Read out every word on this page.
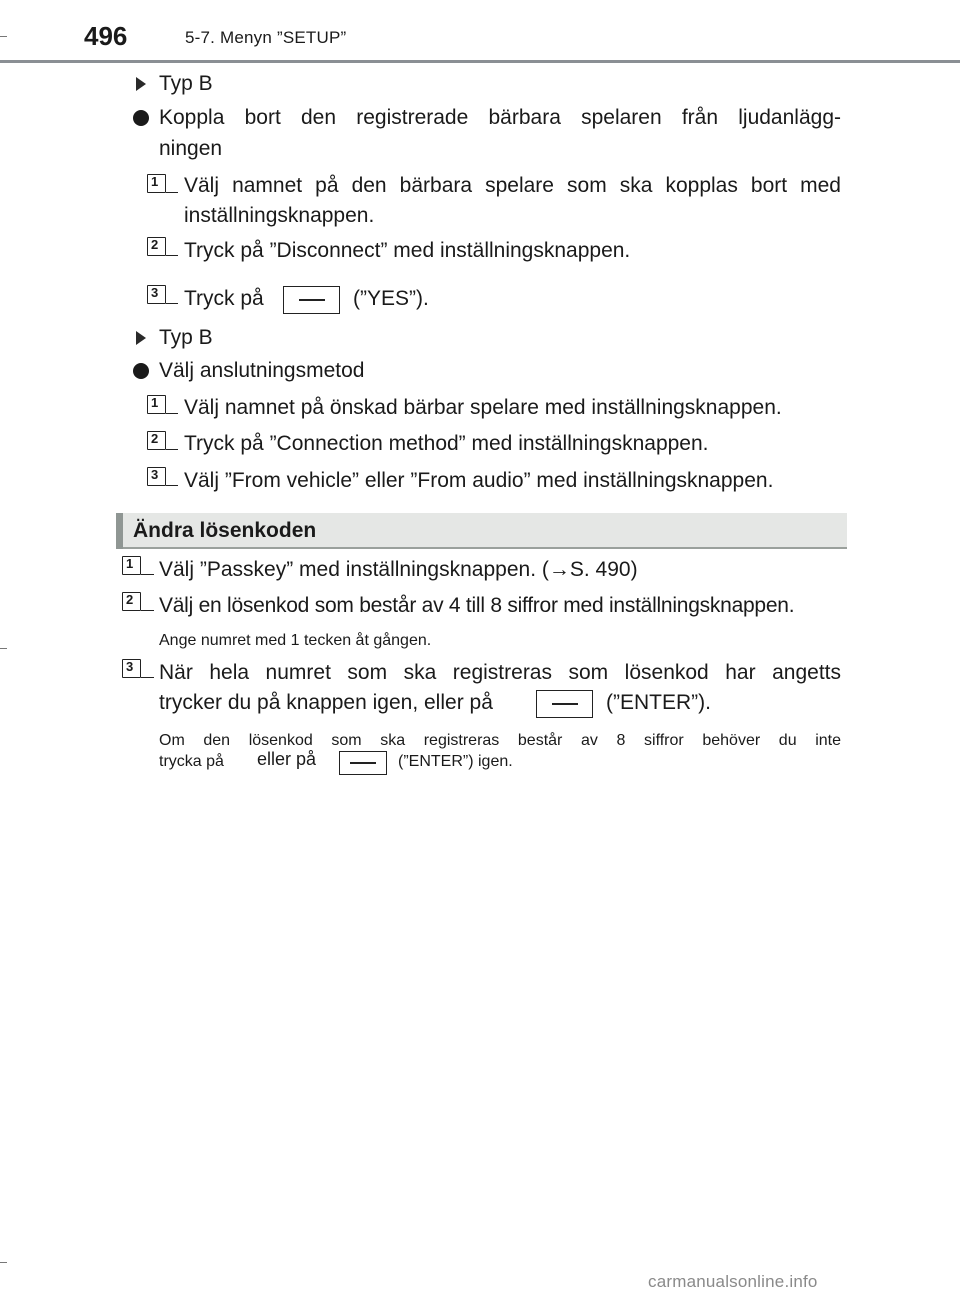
496	5-7. Menyn ”SETUP”
Typ B
Koppla bort den registrerade bärbara spelaren från ljudanlägg-
ningen
1 Välj namnet på den bärbara spelare som ska kopplas bort med
inställningsknappen.
2 Tryck på ”Disconnect” med inställningsknappen.
3 Tryck på	(”YES”).
Typ B
Välj anslutningsmetod
1 Välj namnet på önskad bärbar spelare med inställningsknappen.
2 Tryck på ”Connection method” med inställningsknappen.
3 Välj ”From vehicle” eller ”From audio” med inställningsknappen.
Ändra lösenkoden
1 Välj ”Passkey” med inställningsknappen. (→S. 490)
2 Välj en lösenkod som består av 4 till 8 siffror med inställningsknappen.
Ange numret med 1 tecken åt gången.
3 När hela numret som ska registreras som lösenkod har angetts
trycker du på knappen igen, eller på	(”ENTER”).
Om den lösenkod som ska registreras består av 8 siffror behöver du inte
trycka på eller på	(”ENTER”) igen.
carmanualsonline.info
